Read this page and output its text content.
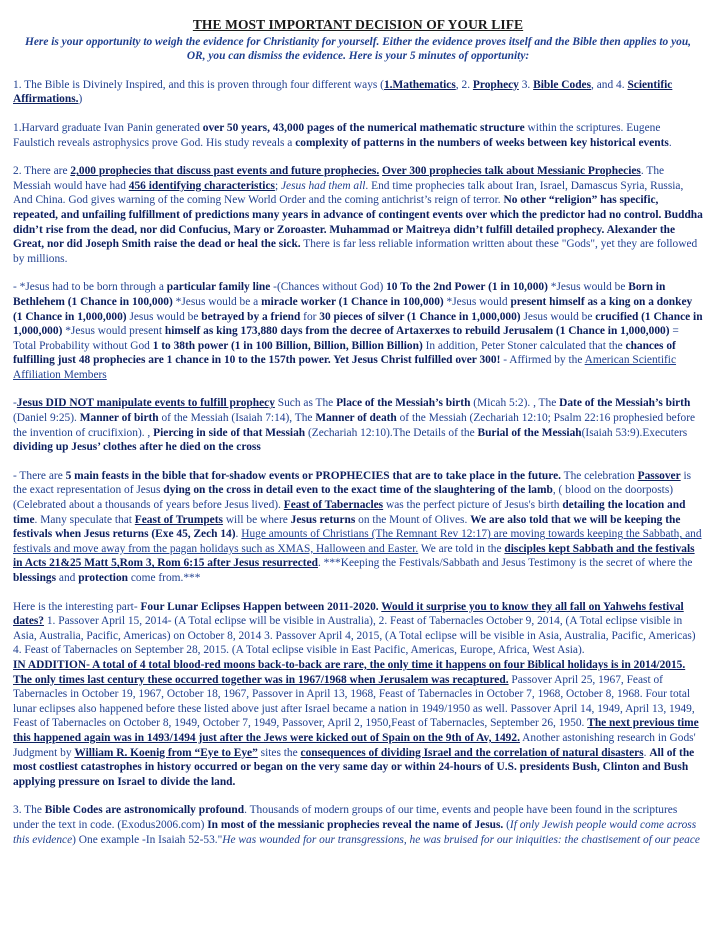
THE MOST IMPORTANT DECISION OF YOUR LIFE

Here is your opportunity to weigh the evidence for Christianity for yourself. Either the evidence proves itself and the Bible then applies to you,

OR, you can dismiss the evidence. Here is your 5 minutes of opportunity:

1. The Bible is Divinely Inspired, and this is proven through four different ways (1.Mathematics, 2. Prophecy 3. Bible Codes, and 4. Scientific Affirmations.)

1.Harvard graduate Ivan Panin generated over 50 years, 43,000 pages of the numerical mathematic structure within the scriptures. Eugene Faulstich reveals astrophysics prove God. His study reveals a complexity of patterns in the numbers of weeks between key historical events.

2. There are 2,000 prophecies that discuss past events and future prophecies. Over 300 prophecies talk about Messianic Prophecies. The Messiah would have had 456 identifying characteristics; Jesus had them all. End time prophecies talk about Iran, Israel, Damascus Syria, Russia, And China. God gives warning of the coming New World Order and the coming antichrist’s reign of terror. No other “religion” has specific, repeated, and unfailing fulfillment of predictions many years in advance of contingent events over which the predictor had no control. Buddha didn’t rise from the dead, nor did Confucius, Mary or Zoroaster. Muhammad or Maitreya didn’t fulfill detailed prophecy. Alexander the Great, nor did Joseph Smith raise the dead or heal the sick. There is far less reliable information written about these "Gods", yet they are followed by millions.

- *Jesus had to be born through a particular family line -(Chances without God) 10 To the 2nd Power (1 in 10,000) *Jesus would be Born in Bethlehem (1 Chance in 100,000) *Jesus would be a miracle worker (1 Chance in 100,000) *Jesus would present himself as a king on a donkey (1 Chance in 1,000,000) Jesus would be betrayed by a friend for 30 pieces of silver (1 Chance in 1,000,000) Jesus would be crucified (1 Chance in 1,000,000) *Jesus would present himself as king 173,880 days from the decree of Artaxerxes to rebuild Jerusalem (1 Chance in 1,000,000) = Total Probability without God 1 to 38th power (1 in 100 Billion, Billion, Billion Billion) In addition, Peter Stoner calculated that the chances of fulfilling just 48 prophecies are 1 chance in 10 to the 157th power. Yet Jesus Christ fulfilled over 300! - Affirmed by the American Scientific Affiliation Members

-Jesus DID NOT manipulate events to fulfill prophecy Such as The Place of the Messiah’s birth (Micah 5:2). , The Date of the Messiah’s birth (Daniel 9:25). Manner of birth of the Messiah (Isaiah 7:14), The Manner of death of the Messiah (Zechariah 12:10; Psalm 22:16 prophesied before the invention of crucifixion). , Piercing in side of that Messiah (Zechariah 12:10).The Details of the Burial of the Messiah(Isaiah 53:9).Executers dividing up Jesus’ clothes after he died on the cross

- There are 5 main feasts in the bible that for-shadow events or PROPHECIES that are to take place in the future. The celebration Passover is the exact representation of Jesus dying on the cross in detail even to the exact time of the slaughtering of the lamb, ( blood on the doorposts) (Celebrated about a thousands of years before Jesus lived). Feast of Tabernacles was the perfect picture of Jesus's birth detailing the location and time. Many speculate that Feast of Trumpets will be where Jesus returns on the Mount of Olives. We are also told that we will be keeping the festivals when Jesus returns (Exe 45, Zech 14). Huge amounts of Christians (The Remnant Rev 12:17) are moving towards keeping the Sabbath, and festivals and move away from the pagan holidays such as XMAS, Halloween and Easter. We are told in the disciples kept Sabbath and the festivals in Acts 21&25 Matt 5,Rom 3, Rom 6:15 after Jesus resurrected. ***Keeping the Festivals/Sabbath and Jesus Testimony is the secret of where the blessings and protection come from.***

Here is the interesting part- Four Lunar Eclipses Happen between 2011-2020. Would it surprise you to know they all fall on Yahwehs festival dates? 1. Passover April 15, 2014- (A Total eclipse will be visible in Australia), 2. Feast of Tabernacles October 9, 2014, (A Total eclipse visible in Asia, Australia, Pacific, Americas) on October 8, 2014 3. Passover April 4, 2015, (A Total eclipse will be visible in Asia, Australia, Pacific, Americas) 4. Feast of Tabernacles on September 28, 2015. (A Total eclipse visible in East Pacific, Americas, Europe, Africa, West Asia).

IN ADDITION- A total of 4 total blood-red moons back-to-back are rare, the only time it happens on four Biblical holidays is in 2014/2015. The only times last century these occurred together was in 1967/1968 when Jerusalem was recaptured. Passover April 25, 1967, Feast of Tabernacles in October 19, 1967, October 18, 1967, Passover in April 13, 1968, Feast of Tabernacles in October 7, 1968, October 8, 1968. Four total lunar eclipses also happened before these listed above just after Israel became a nation in 1949/1950 as well. Passover April 14, 1949, April 13, 1949, Feast of Tabernacles on October 8, 1949, October 7, 1949, Passover, April 2, 1950,Feast of Tabernacles, September 26, 1950. The next previous time this happened again was in 1493/1494 just after the Jews were kicked out of Spain on the 9th of Av, 1492. Another astonishing research in Gods' Judgment by William R. Koenig from “Eye to Eye” sites the consequences of dividing Israel and the correlation of natural disasters. All of the most costliest catastrophes in history occurred or began on the very same day or within 24-hours of U.S. presidents Bush, Clinton and Bush applying pressure on Israel to divide the land.

3. The Bible Codes are astronomically profound. Thousands of modern groups of our time, events and people have been found in the scriptures under the text in code. (Exodus2006.com) In most of the messianic prophecies reveal the name of Jesus. (If only Jewish people would come across this evidence) One example -In Isaiah 52-53."He was wounded for our transgressions, he was bruised for our iniquities: the chastisement of our peace
